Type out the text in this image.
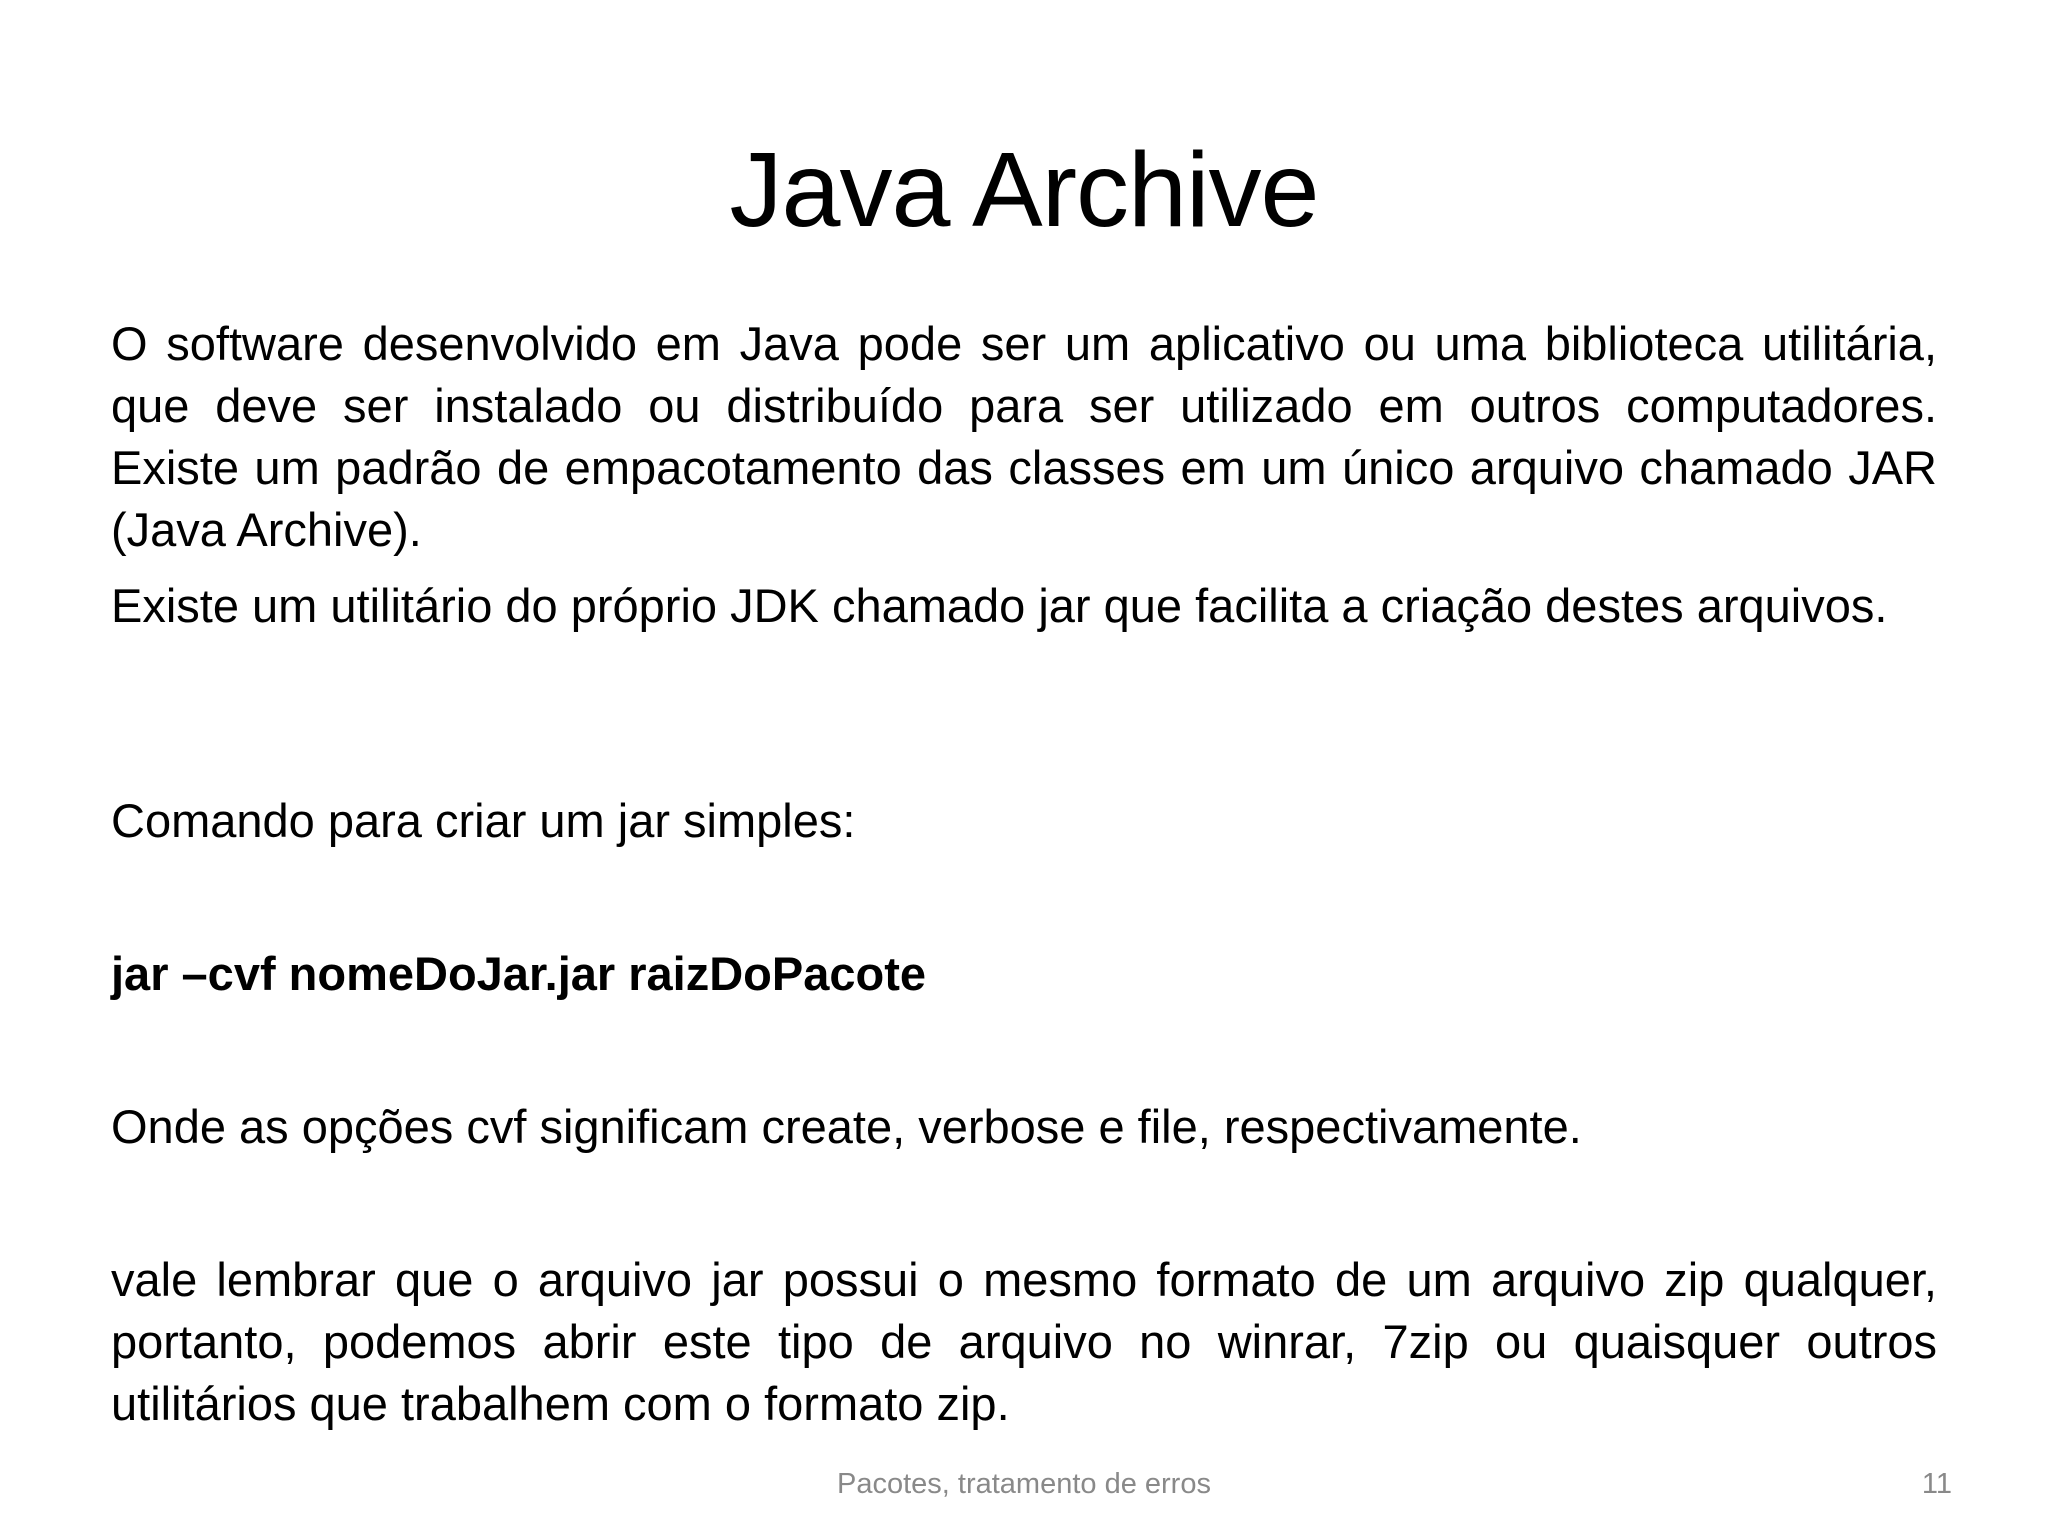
Java Archive
O software desenvolvido em Java pode ser um aplicativo ou uma biblioteca utilitária, que deve ser instalado ou distribuído para ser utilizado em outros computadores. Existe um padrão de empacotamento das classes em um único arquivo chamado JAR (Java Archive).
Existe um utilitário do próprio JDK chamado jar que facilita a criação destes arquivos.
Comando para criar um jar simples:
jar –cvf nomeDoJar.jar raizDoPacote
Onde as opções cvf significam create, verbose e file, respectivamente.
vale lembrar que o arquivo jar possui o mesmo formato de um arquivo zip qualquer, portanto, podemos abrir este tipo de arquivo no winrar, 7zip ou quaisquer outros utilitários que trabalhem com o formato zip.
Pacotes, tratamento de erros	11
